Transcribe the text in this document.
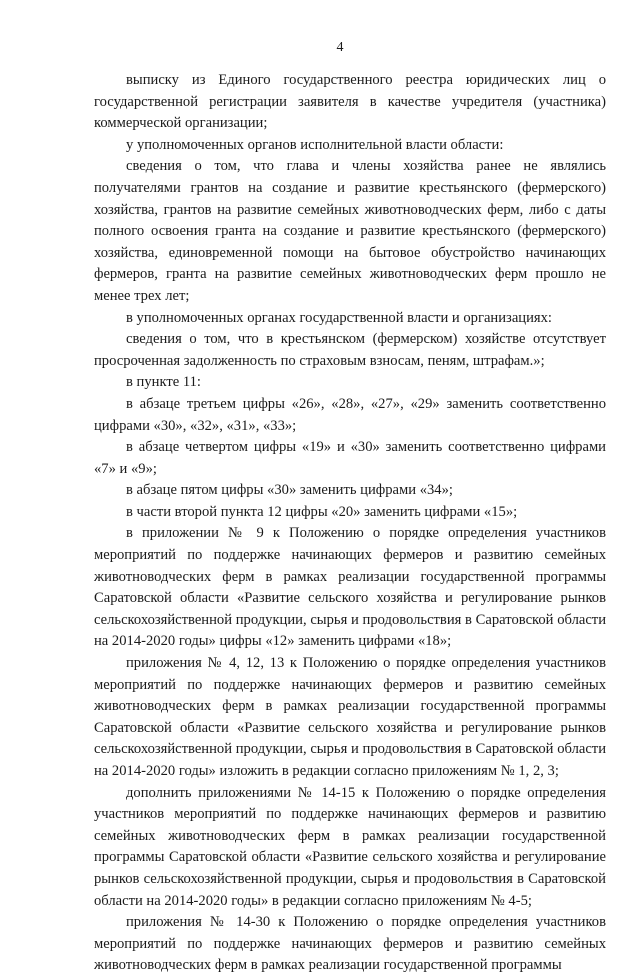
4

выписку из Единого государственного реестра юридических лиц о государственной регистрации заявителя в качестве учредителя (участника) коммерческой организации;

у уполномоченных органов исполнительной власти области:

сведения о том, что глава и члены хозяйства ранее не являлись получателями грантов на создание и развитие крестьянского (фермерского) хозяйства, грантов на развитие семейных животноводческих ферм, либо с даты полного освоения гранта на создание и развитие крестьянского (фермерского) хозяйства, единовременной помощи на бытовое обустройство начинающих фермеров, гранта на развитие семейных животноводческих ферм прошло не менее трех лет;

в уполномоченных органах государственной власти и организациях:

сведения о том, что в крестьянском (фермерском) хозяйстве отсутствует просроченная задолженность по страховым взносам, пеням, штрафам.»;

в пункте 11:

в абзаце третьем цифры «26», «28», «27», «29» заменить соответственно цифрами «30», «32», «31», «33»;

в абзаце четвертом цифры «19» и «30» заменить соответственно цифрами «7» и «9»;

в абзаце пятом цифры «30» заменить цифрами «34»;

в части второй пункта 12 цифры «20» заменить цифрами «15»;

в приложении № 9 к Положению о порядке определения участников мероприятий по поддержке начинающих фермеров и развитию семейных животноводческих ферм в рамках реализации государственной программы Саратовской области «Развитие сельского хозяйства и регулирование рынков сельскохозяйственной продукции, сырья и продовольствия в Саратовской области на 2014-2020 годы» цифры «12» заменить цифрами «18»;

приложения № 4, 12, 13 к Положению о порядке определения участников мероприятий по поддержке начинающих фермеров и развитию семейных животноводческих ферм в рамках реализации государственной программы Саратовской области «Развитие сельского хозяйства и регулирование рынков сельскохозяйственной продукции, сырья и продовольствия в Саратовской области на 2014-2020 годы» изложить в редакции согласно приложениям № 1, 2, 3;

дополнить приложениями № 14-15 к Положению о порядке определения участников мероприятий по поддержке начинающих фермеров и развитию семейных животноводческих ферм в рамках реализации государственной программы Саратовской области «Развитие сельского хозяйства и регулирование рынков сельскохозяйственной продукции, сырья и продовольствия в Саратовской области на 2014-2020 годы» в редакции согласно приложениям № 4-5;

приложения № 14-30 к Положению о порядке определения участников мероприятий по поддержке начинающих фермеров и развитию семейных животноводческих ферм в рамках реализации государственной программы
